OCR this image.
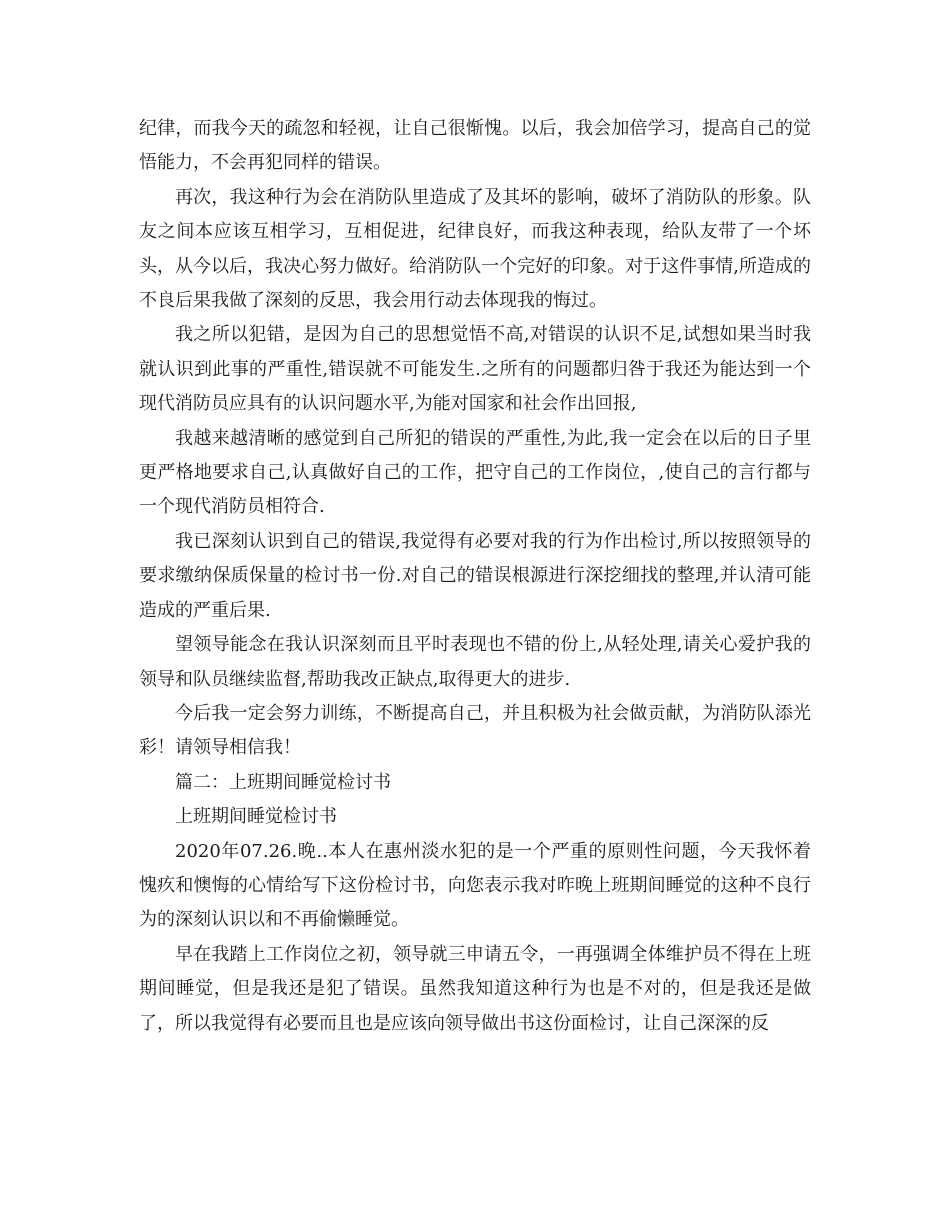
纪律，而我今天的疏忽和轻视，让自己很惭愧。以后，我会加倍学习，提高自己的觉悟能力，不会再犯同样的错误。

再次，我这种行为会在消防队里造成了及其坏的影响，破坏了消防队的形象。队友之间本应该互相学习，互相促进，纪律良好，而我这种表现，给队友带了一个坏头，从今以后，我决心努力做好。给消防队一个完好的印象。对于这件事情,所造成的不良后果我做了深刻的反思，我会用行动去体现我的悔过。

我之所以犯错，是因为自己的思想觉悟不高,对错误的认识不足,试想如果当时我就认识到此事的严重性,错误就不可能发生.之所有的问题都归咎于我还为能达到一个现代消防员应具有的认识问题水平,为能对国家和社会作出回报,

我越来越清晰的感觉到自己所犯的错误的严重性,为此,我一定会在以后的日子里更严格地要求自己,认真做好自己的工作，把守自己的工作岗位，,使自己的言行都与一个现代消防员相符合.

我已深刻认识到自己的错误,我觉得有必要对我的行为作出检讨,所以按照领导的要求缴纳保质保量的检讨书一份.对自己的错误根源进行深挖细找的整理,并认清可能造成的严重后果.

望领导能念在我认识深刻而且平时表现也不错的份上,从轻处理,请关心爱护我的领导和队员继续监督,帮助我改正缺点,取得更大的进步.

今后我一定会努力训练，不断提高自己，并且积极为社会做贡献，为消防队添光彩！请领导相信我！

篇二：上班期间睡觉检讨书

上班期间睡觉检讨书

2020年07.26.晚..本人在惠州淡水犯的是一个严重的原则性问题，今天我怀着愧疚和懊悔的心情给写下这份检讨书，向您表示我对昨晚上班期间睡觉的这种不良行为的深刻认识以和不再偷懒睡觉。

早在我踏上工作岗位之初，领导就三申请五令，一再强调全体维护员不得在上班期间睡觉，但是我还是犯了错误。虽然我知道这种行为也是不对的，但是我还是做了，所以我觉得有必要而且也是应该向领导做出书这份面检讨，让自己深深的反
